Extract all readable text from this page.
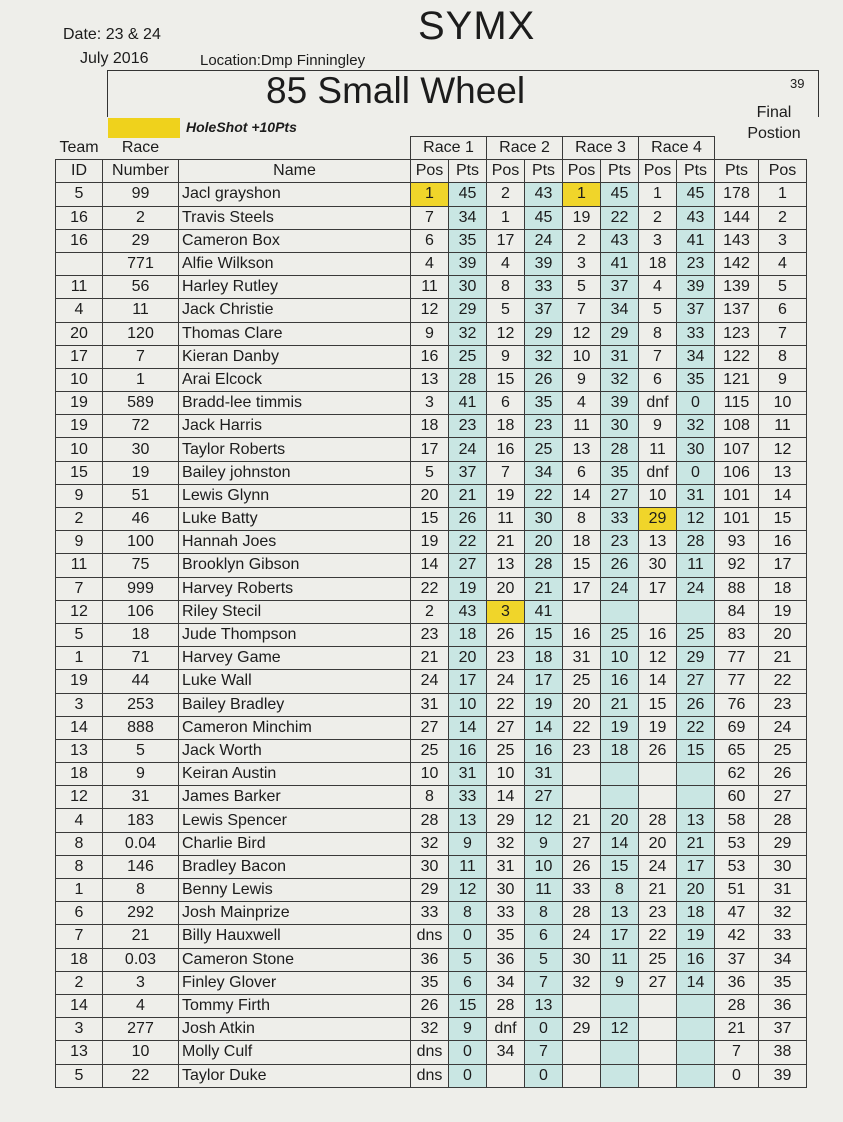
Date: 23 & 24
July 2016	Location:Dmp Finningley
SYMX
39
85 Small Wheel
HoleShot +10Pts
Final
Postion
Team	Race		Race 1		Race 2		Race 3		Race 4			
ID	Number	Name	Pos	Pts	Pos	Pts	Pos	Pts	Pos	Pts	Pts	Pos
5	99	Jacl grayshon	1	45	2	43	1	45	1	45	178	1
16	2	Travis Steels	7	34	1	45	19	22	2	43	144	2
16	29	Cameron Box	6	35	17	24	2	43	3	41	143	3
	771	Alfie Wilkson	4	39	4	39	3	41	18	23	142	4
11	56	Harley Rutley	11	30	8	33	5	37	4	39	139	5
4	11	Jack Christie	12	29	5	37	7	34	5	37	137	6
20	120	Thomas Clare	9	32	12	29	12	29	8	33	123	7
17	7	Kieran Danby	16	25	9	32	10	31	7	34	122	8
10	1	Arai Elcock	13	28	15	26	9	32	6	35	121	9
19	589	Bradd-lee timmis	3	41	6	35	4	39	dnf	0	115	10
19	72	Jack Harris	18	23	18	23	11	30	9	32	108	11
10	30	Taylor Roberts	17	24	16	25	13	28	11	30	107	12
15	19	Bailey johnston	5	37	7	34	6	35	dnf	0	106	13
9	51	Lewis Glynn	20	21	19	22	14	27	10	31	101	14
2	46	Luke Batty	15	26	11	30	8	33	29	12	101	15
9	100	Hannah Joes	19	22	21	20	18	23	13	28	93	16
11	75	Brooklyn Gibson	14	27	13	28	15	26	30	11	92	17
7	999	Harvey Roberts	22	19	20	21	17	24	17	24	88	18
12	106	Riley Stecil	2	43	3	41					84	19
5	18	Jude Thompson	23	18	26	15	16	25	16	25	83	20
1	71	Harvey Game	21	20	23	18	31	10	12	29	77	21
19	44	Luke Wall	24	17	24	17	25	16	14	27	77	22
3	253	Bailey Bradley	31	10	22	19	20	21	15	26	76	23
14	888	Cameron Minchim	27	14	27	14	22	19	19	22	69	24
13	5	Jack Worth	25	16	25	16	23	18	26	15	65	25
18	9	Keiran Austin	10	31	10	31					62	26
12	31	James Barker	8	33	14	27					60	27
4	183	Lewis Spencer	28	13	29	12	21	20	28	13	58	28
8	0.04	Charlie Bird	32	9	32	9	27	14	20	21	53	29
8	146	Bradley Bacon	30	11	31	10	26	15	24	17	53	30
1	8	Benny Lewis	29	12	30	11	33	8	21	20	51	31
6	292	Josh Mainprize	33	8	33	8	28	13	23	18	47	32
7	21	Billy Hauxwell	dns	0	35	6	24	17	22	19	42	33
18	0.03	Cameron Stone	36	5	36	5	30	11	25	16	37	34
2	3	Finley Glover	35	6	34	7	32	9	27	14	36	35
14	4	Tommy Firth	26	15	28	13					28	36
3	277	Josh Atkin	32	9	dnf	0	29	12			21	37
13	10	Molly Culf	dns	0	34	7					7	38
5	22	Taylor Duke	dns	0		0					0	39
